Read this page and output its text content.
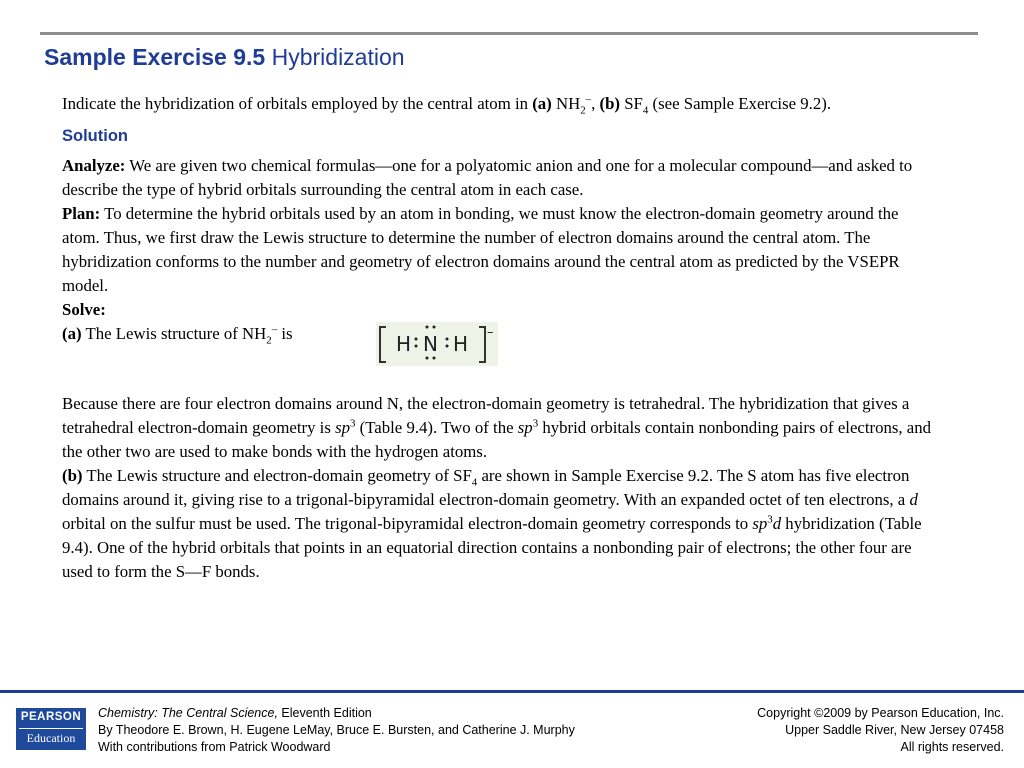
Sample Exercise 9.5 Hybridization

Indicate the hybridization of orbitals employed by the central atom in (a) $NH_2^-$, (b) $SF_4$ (see Sample Exercise 9.2).

Solution

Analyze: We are given two chemical formulas—one for a polyatomic anion and one for a molecular compound—and asked to describe the type of hybrid orbitals surrounding the central atom in each case.

Plan: To determine the hybrid orbitals used by an atom in bonding, we must know the electron-domain geometry around the atom. Thus, we first draw the Lewis structure to determine the number of electron domains around the central atom. The hybridization conforms to the number and geometry of electron domains around the central atom as predicted by the VSEPR model.

Solve:

(a) The Lewis structure of $NH_2^-$ is	H N H –

Because there are four electron domains around N, the electron-domain geometry is tetrahedral. The hybridization that gives a tetrahedral electron-domain geometry is $sp^3$ (Table 9.4). Two of the $sp^3$ hybrid orbitals contain nonbonding pairs of electrons, and the other two are used to make bonds with the hydrogen atoms.

(b) The Lewis structure and electron-domain geometry of $SF_4$ are shown in Sample Exercise 9.2. The S atom has five electron domains around it, giving rise to a trigonal-bipyramidal electron-domain geometry. With an expanded octet of ten electrons, a d orbital on the sulfur must be used. The trigonal-bipyramidal electron-domain geometry corresponds to $sp^3d$ hybridization (Table 9.4). One of the hybrid orbitals that points in an equatorial direction contains a nonbonding pair of electrons; the other four are used to form the S—F bonds.

PEARSON
Education
Chemistry: The Central Science, Eleventh Edition
By Theodore E. Brown, H. Eugene LeMay, Bruce E. Bursten, and Catherine J. Murphy
With contributions from Patrick Woodward
Copyright ©2009 by Pearson Education, Inc.
Upper Saddle River, New Jersey 07458
All rights reserved.
